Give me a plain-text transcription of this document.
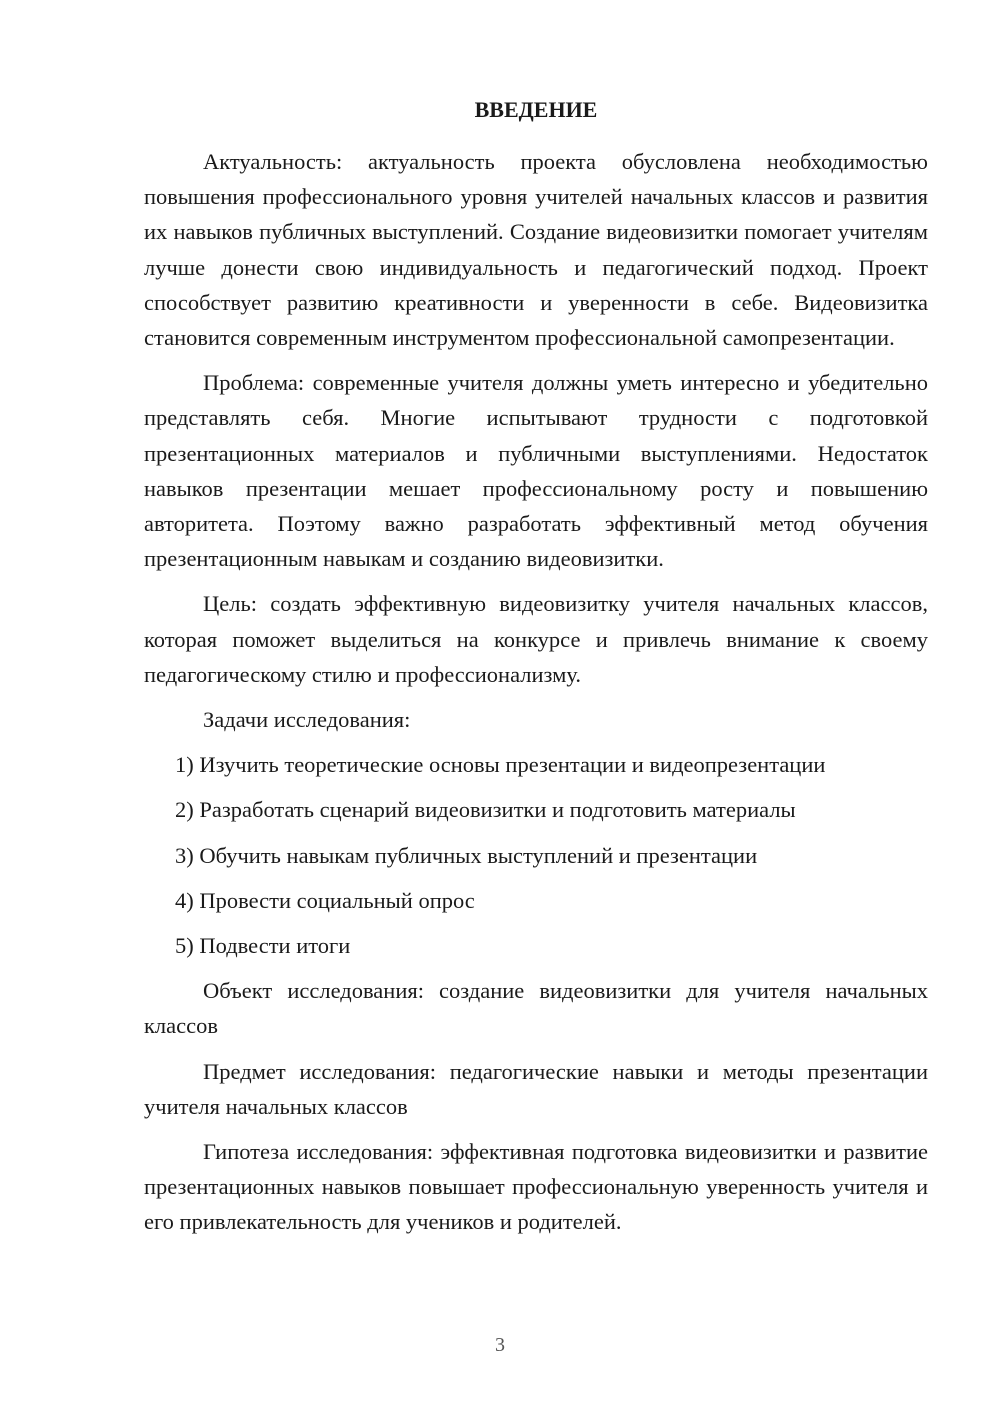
ВВЕДЕНИЕ

Актуальность: актуальность проекта обусловлена необходимостью повышения профессионального уровня учителей начальных классов и развития их навыков публичных выступлений. Создание видеовизитки помогает учителям лучше донести свою индивидуальность и педагогический подход. Проект способствует развитию креативности и уверенности в себе. Видеовизитка становится современным инструментом профессиональной самопрезентации.

Проблема: современные учителя должны уметь интересно и убедительно представлять себя. Многие испытывают трудности с подготовкой презентационных материалов и публичными выступлениями. Недостаток навыков презентации мешает профессиональному росту и повышению авторитета. Поэтому важно разработать эффективный метод обучения презентационным навыкам и созданию видеовизитки.

Цель: создать эффективную видеовизитку учителя начальных классов, которая поможет выделиться на конкурсе и привлечь внимание к своему педагогическому стилю и профессионализму.

Задачи исследования:

1) Изучить теоретические основы презентации и видеопрезентации
2) Разработать сценарий видеовизитки и подготовить материалы
3) Обучить навыкам публичных выступлений и презентации
4) Провести социальный опрос
5) Подвести итоги

Объект исследования: создание видеовизитки для учителя начальных классов

Предмет исследования: педагогические навыки и методы презентации учителя начальных классов

Гипотеза исследования: эффективная подготовка видеовизитки и развитие презентационных навыков повышает профессиональную уверенность учителя и его привлекательность для учеников и родителей.

3
